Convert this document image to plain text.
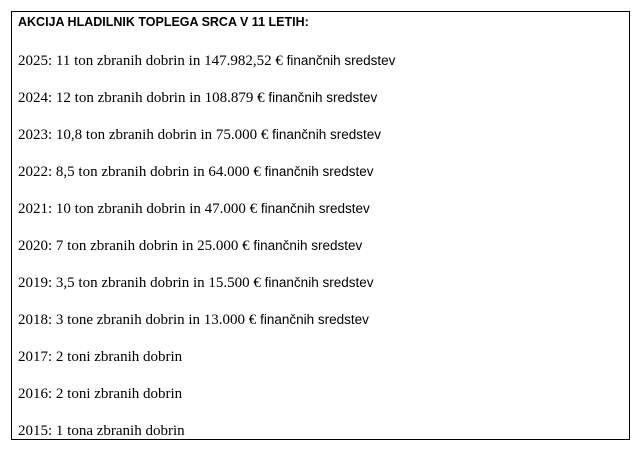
AKCIJA HLADILNIK TOPLEGA SRCA V 11 LETIH:
2025: 11 ton zbranih dobrin in 147.982,52 € finančnih sredstev
2024: 12 ton zbranih dobrin in 108.879 € finančnih sredstev
2023: 10,8 ton zbranih dobrin in 75.000 € finančnih sredstev
2022: 8,5 ton zbranih dobrin in 64.000 € finančnih sredstev
2021: 10 ton zbranih dobrin in 47.000 € finančnih sredstev
2020: 7 ton zbranih dobrin in 25.000 € finančnih sredstev
2019: 3,5 ton zbranih dobrin in 15.500 € finančnih sredstev
2018: 3 tone zbranih dobrin in 13.000 € finančnih sredstev
2017: 2 toni zbranih dobrin
2016: 2 toni zbranih dobrin
2015: 1 tona zbranih dobrin
